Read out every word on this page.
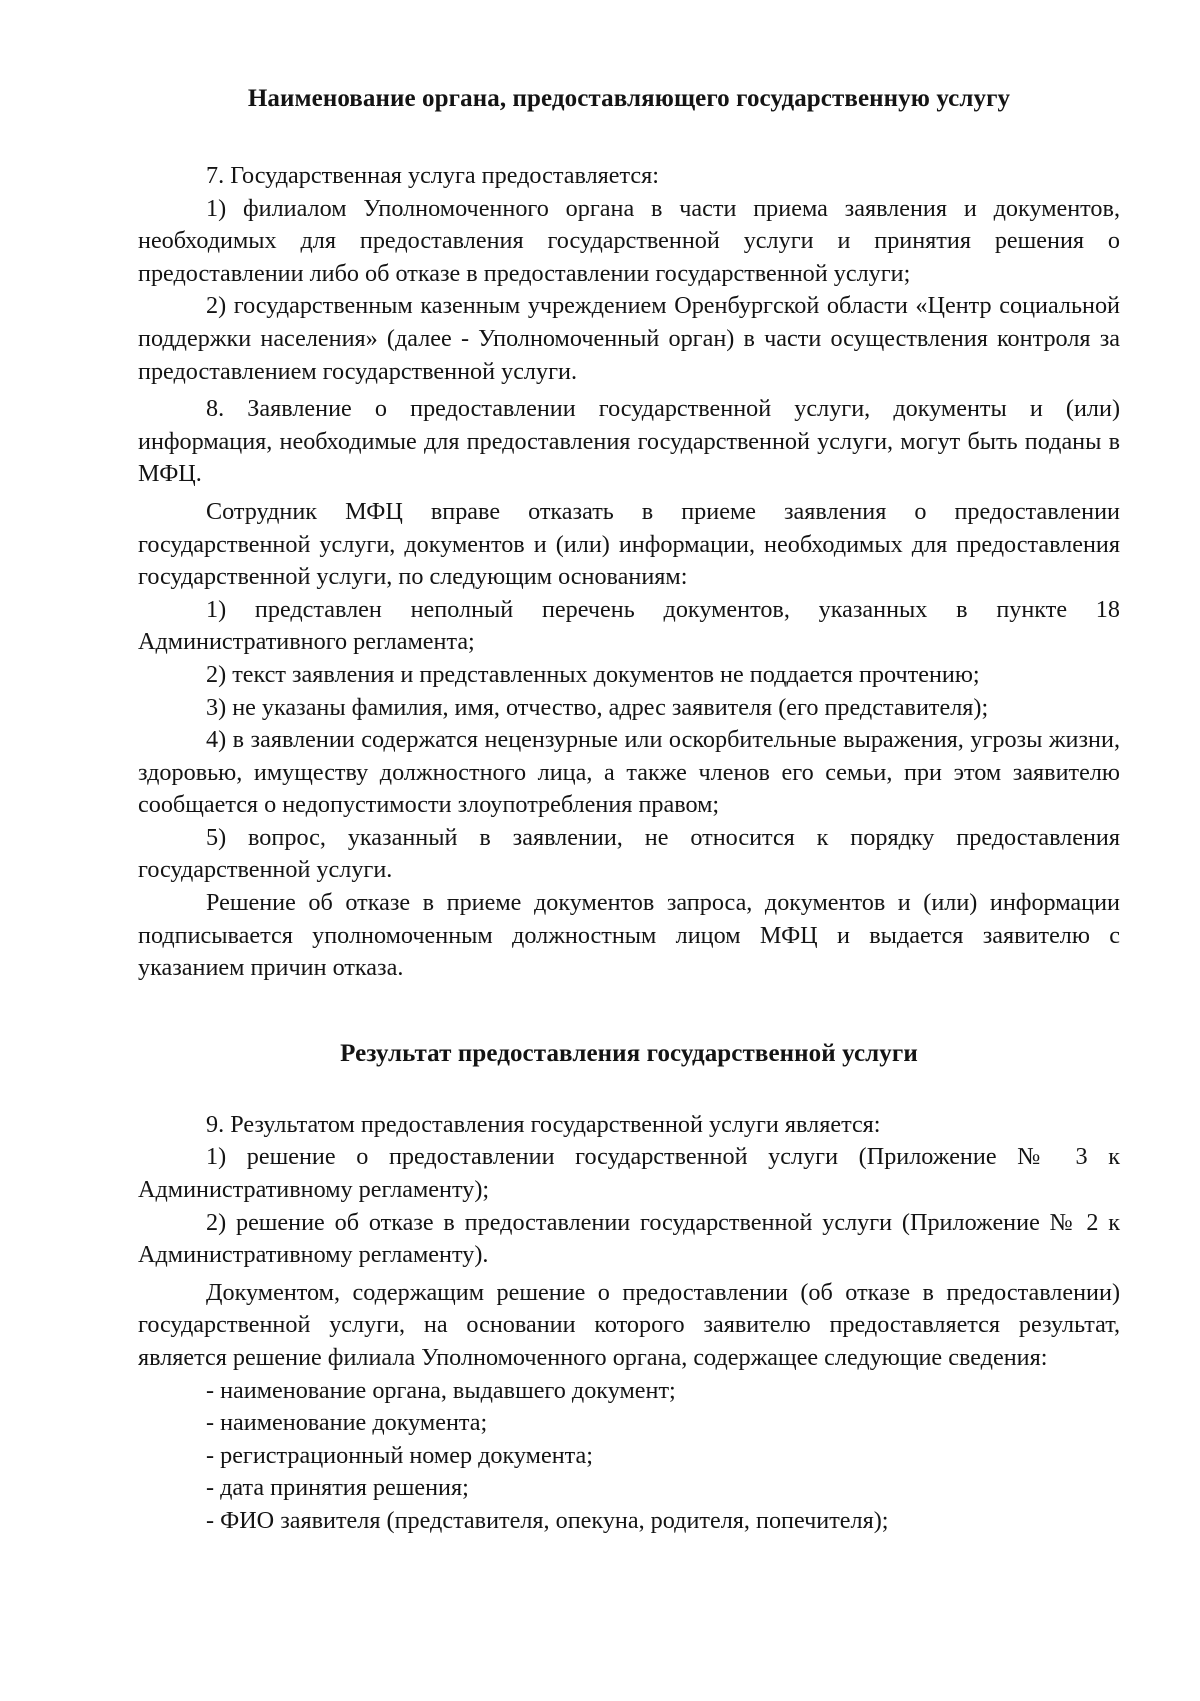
Наименование органа, предоставляющего государственную услугу

7. Государственная услуга предоставляется:

1) филиалом Уполномоченного органа в части приема заявления и документов, необходимых для предоставления государственной услуги и принятия решения о предоставлении либо об отказе в предоставлении государственной услуги;

2) государственным казенным учреждением Оренбургской области «Центр социальной поддержки населения» (далее - Уполномоченный орган) в части осуществления контроля за предоставлением государственной услуги.

8. Заявление о предоставлении государственной услуги, документы и (или) информация, необходимые для предоставления государственной услуги, могут быть поданы в МФЦ.

Сотрудник МФЦ вправе отказать в приеме заявления о предоставлении государственной услуги, документов и (или) информации, необходимых для предоставления государственной услуги, по следующим основаниям:

1) представлен неполный перечень документов, указанных в пункте 18 Административного регламента;

2) текст заявления и представленных документов не поддается прочтению;

3) не указаны фамилия, имя, отчество, адрес заявителя (его представителя);

4) в заявлении содержатся нецензурные или оскорбительные выражения, угрозы жизни, здоровью, имуществу должностного лица, а также членов его семьи, при этом заявителю сообщается о недопустимости злоупотребления правом;

5) вопрос, указанный в заявлении, не относится к порядку предоставления государственной услуги.

Решение об отказе в приеме документов запроса, документов и (или) информации подписывается уполномоченным должностным лицом МФЦ и выдается заявителю с указанием причин отказа.

Результат предоставления государственной услуги

9. Результатом предоставления государственной услуги является:

1) решение о предоставлении государственной услуги (Приложение № 3 к Административному регламенту);

2) решение об отказе в предоставлении государственной услуги (Приложение № 2 к Административному регламенту).

Документом, содержащим решение о предоставлении (об отказе в предоставлении) государственной услуги, на основании которого заявителю предоставляется результат, является решение филиала Уполномоченного органа, содержащее следующие сведения:

- наименование органа, выдавшего документ;

- наименование документа;

- регистрационный номер документа;

- дата принятия решения;

- ФИО заявителя (представителя, опекуна, родителя, попечителя);
